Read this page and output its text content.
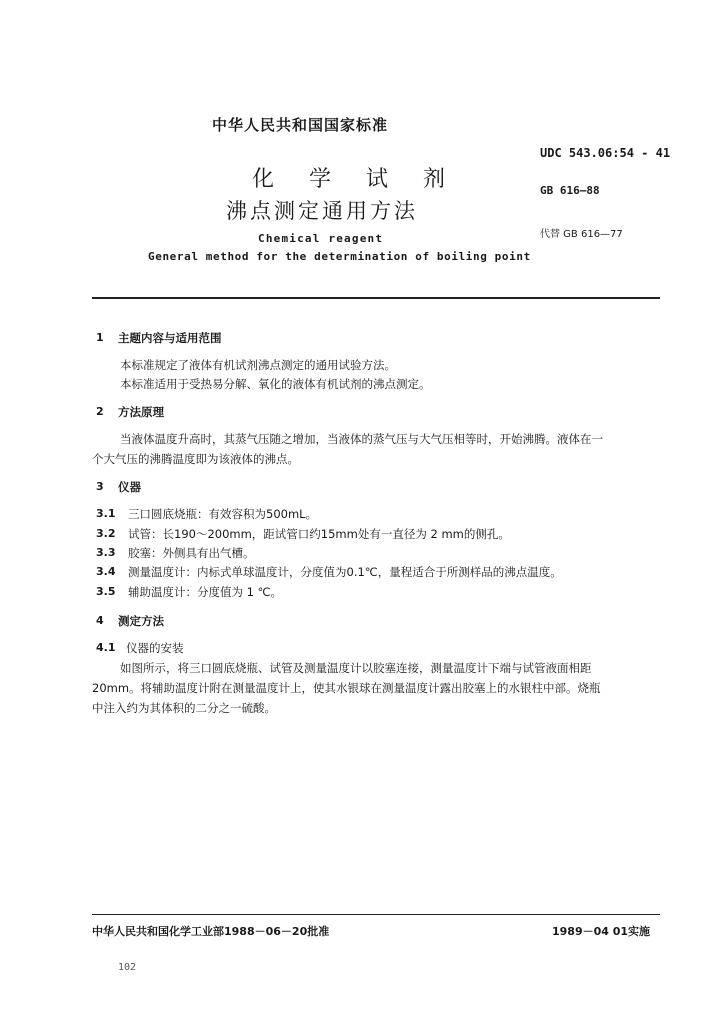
中华人民共和国国家标准
化 学 试 剂
沸点测定通用方法
Chemical reagent
General method for the determination of boiling point
UDC 543.06:54 - 41
GB 616—88
代替 GB 616—77
1 主题内容与适用范围
本标准规定了液体有机试剂沸点测定的通用试验方法。
本标准适用于受热易分解、氧化的液体有机试剂的沸点测定。
2 方法原理
当液体温度升高时，其蒸气压随之增加，当液体的蒸气压与大气压相等时，开始沸腾。液体在一
个大气压的沸腾温度即为该液体的沸点。
3 仪器
3.1 三口圆底烧瓶：有效容积为500mL。
3.2 试管：长190～200mm，距试管口约15mm处有一直径为 2 mm的侧孔。
3.3 胶塞：外侧具有出气槽。
3.4 测量温度计：内标式单球温度计，分度值为0.1℃，量程适合于所测样品的沸点温度。
3.5 辅助温度计：分度值为 1 ℃。
4 测定方法
4.1 仪器的安装
如图所示，将三口圆底烧瓶、试管及测量温度计以胶塞连接，测量温度计下端与试管液面相距
20mm。将辅助温度计附在测量温度计上，使其水银球在测量温度计露出胶塞上的水银柱中部。烧瓶
中注入约为其体积的二分之一硫酸。
中华人民共和国化学工业部1988－06－20批准	1989－04 01实施
102
